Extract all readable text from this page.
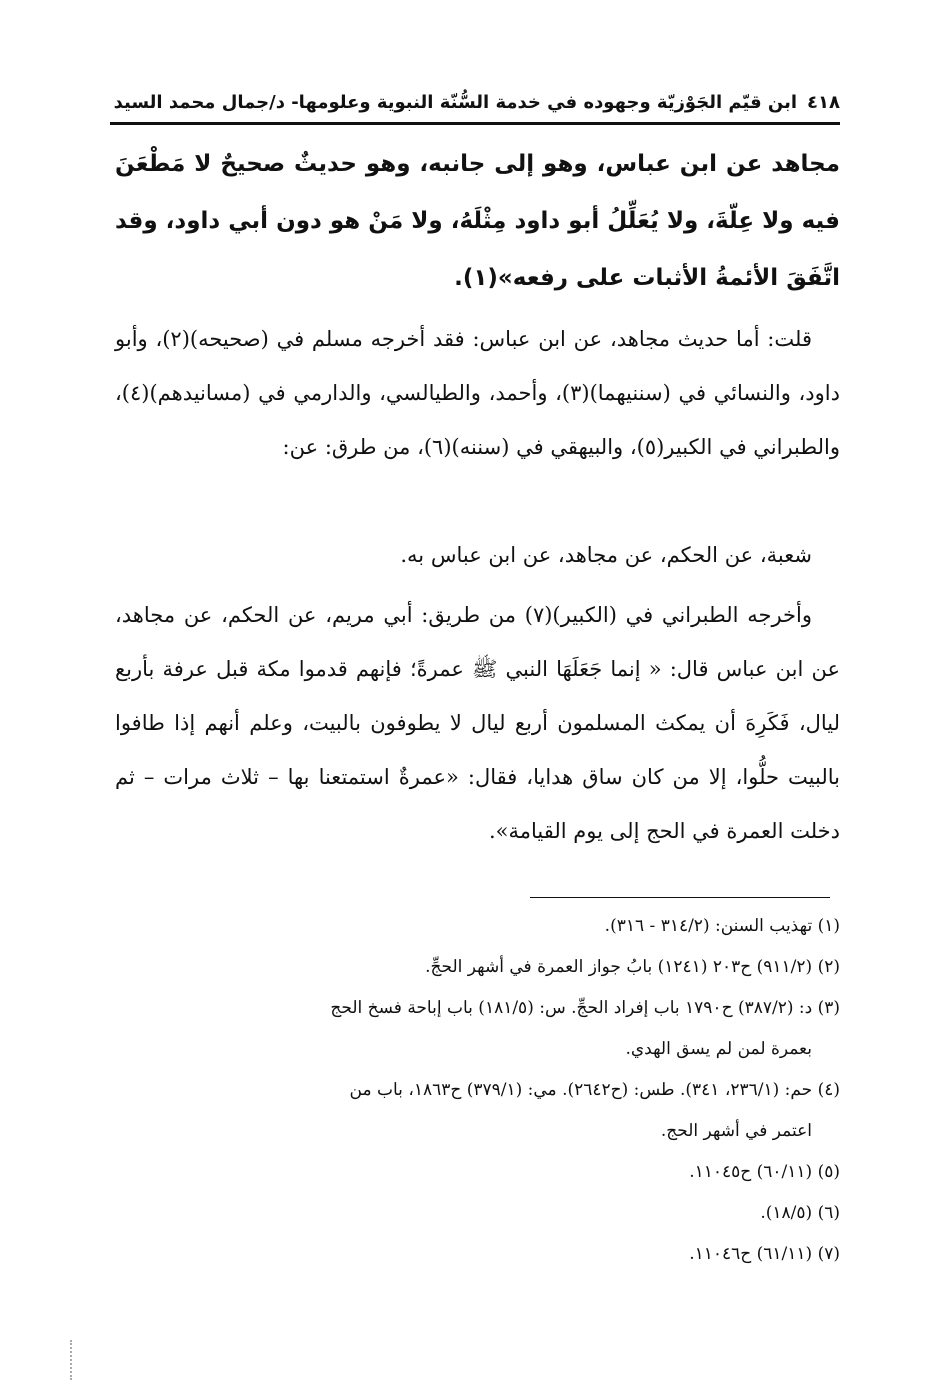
٤١٨
ابن قيّم الجَوْزيّة وجهوده في خدمة السُّنّة النبوية وعلومها- د/جمال محمد السيد
مجاهد عن ابن عباس، وهو إلى جانبه، وهو حديثٌ صحيحٌ لا مَطْعَنَ فيه ولا عِلّةَ، ولا يُعَلِّلُ أبو داود مِثْلَهُ، ولا مَنْ هو دون أبي داود، وقد اتَّفَقَ الأئمةُ الأثبات على رفعه»(١).
قلت: أما حديث مجاهد، عن ابن عباس: فقد أخرجه مسلم في (صحيحه)(٢)، وأبو داود، والنسائي في (سننيهما)(٣)، وأحمد، والطيالسي، والدارمي في (مسانيدهم)(٤)، والطبراني في الكبير(٥)، والبيهقي في (سننه)(٦)، من طرق: عن:
شعبة، عن الحكم، عن مجاهد، عن ابن عباس به.
وأخرجه الطبراني في (الكبير)(٧) من طريق: أبي مريم، عن الحكم، عن مجاهد، عن ابن عباس قال: « إنما جَعَلَهَا النبي ﷺ عمرةً؛ فإنهم قدموا مكة قبل عرفة بأربع ليال، فَكَرِهَ أن يمكث المسلمون أربع ليال لا يطوفون بالبيت، وعلم أنهم إذا طافوا بالبيت حلُّوا، إلا من كان ساق هدايا، فقال: «عمرةٌ استمتعنا بها – ثلاث مرات – ثم دخلت العمرة في الحج إلى يوم القيامة».
(١) تهذيب السنن: (٣١٤/٢ - ٣١٦).
(٢) (٩١١/٢) ح٢٠٣ (١٢٤١) بابُ جواز العمرة في أشهر الحجِّ.
(٣) د: (٣٨٧/٢) ح١٧٩٠ باب إفراد الحجِّ. س: (١٨١/٥) باب إباحة فسخ الحج
بعمرة لمن لم يسق الهدي.
(٤) حم: (٢٣٦/١، ٣٤١). طس: (ح٢٦٤٢). مي: (٣٧٩/١) ح١٨٦٣، باب من
اعتمر في أشهر الحج.
(٥) (٦٠/١١) ح١١٠٤٥.
(٦) (١٨/٥).
(٧) (٦١/١١) ح١١٠٤٦.
